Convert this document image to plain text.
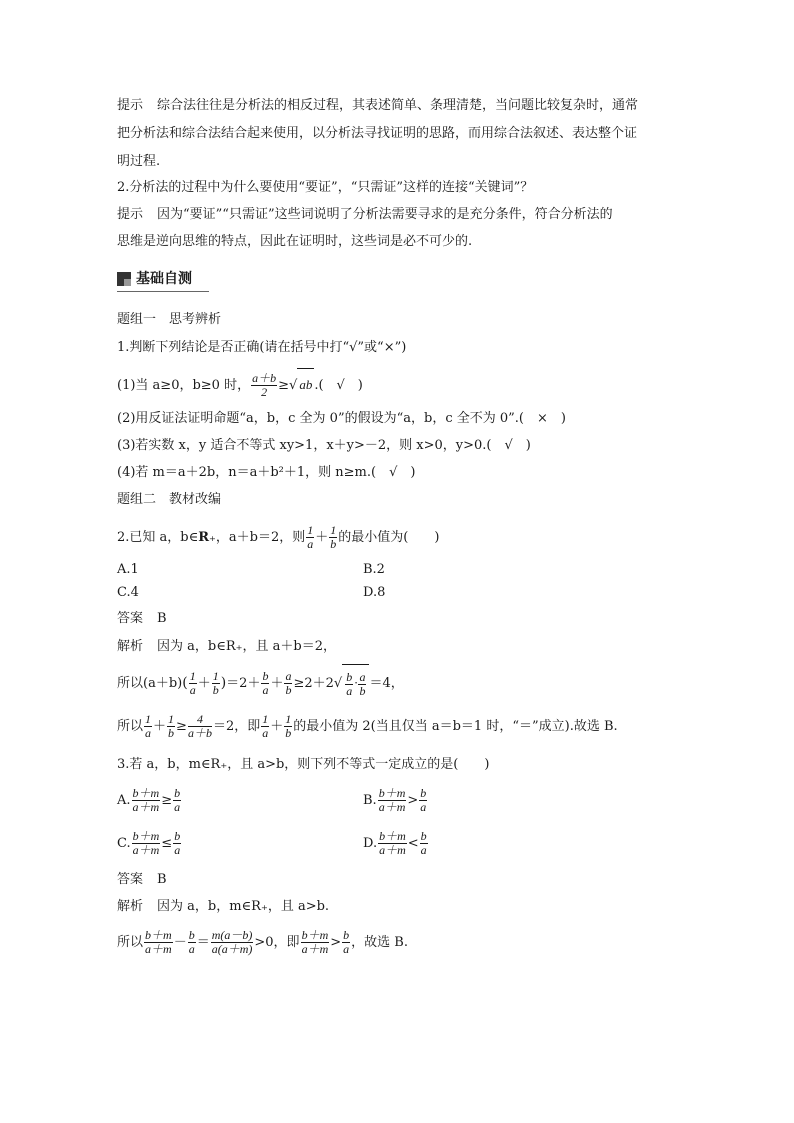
提示 综合法往往是分析法的相反过程，其表述简单、条理清楚，当问题比较复杂时，通常
把分析法和综合法结合起来使用，以分析法寻找证明的思路，而用综合法叙述、表达整个证
明过程.
2.分析法的过程中为什么要使用“要证”，“只需证”这样的连接“关键词”？
提示 因为“要证”“只需证”这些词说明了分析法需要寻求的是充分条件，符合分析法的
思维是逆向思维的特点，因此在证明时，这些词是必不可少的.
基础自测
题组一　思考辨析
1.判断下列结论是否正确(请在括号中打“√”或“×”)
(1)当 a≥0，b≥0 时， $\frac{a+b}{2}$ ≥√ ab .(　√　)
(2)用反证法证明命题“a，b，c 全为 0”的假设为“a，b，c 全不为 0”.(　×　)
(3)若实数 x，y 适合不等式 xy>1，x＋y>－2，则 x>0，y>0.(　√　)
(4)若 m＝a＋2b，n＝a＋b²＋1，则 n≥m.(　√　)
题组二　教材改编
2.已知 a，b∈R₊，a＋b＝2，则 $\frac{1}{a} + \frac{1}{b}$ 的最小值为(　　)
A.1	B.2
C.4	D.8
答案 B
解析 因为 a，b∈R₊，且 a＋b＝2，
所以$(a+b)( \frac{1}{a} + \frac{1}{b} )=2+ \frac{b}{a} + \frac{a}{b} \ge 2+2√ \frac{b}{a} \cdot \frac{a}{b} =4$，
所以 $\frac{1}{a} + \frac{1}{b} \ge \frac{4}{a+b} =2$，即 $\frac{1}{a} + \frac{1}{b}$ 的最小值为 2(当且仅当 a＝b＝1 时，“＝”成立).故选 B.
3.若 a，b，m∈R₊，且 a>b，则下列不等式一定成立的是(　　)
A. $\frac{b+m}{a+m} \ge \frac{b}{a}$	B. $\frac{b+m}{a+m} > \frac{b}{a}$
C. $\frac{b+m}{a+m} \le \frac{b}{a}$	D. $\frac{b+m}{a+m} < \frac{b}{a}$
答案 B
解析 因为 a，b，m∈R₊，且 a>b.
所以 $\frac{b+m}{a+m} - \frac{b}{a} = \frac{m(a-b)}{a(a+m)} >0$，即 $\frac{b+m}{a+m} > \frac{b}{a}$ ，故选 B.
